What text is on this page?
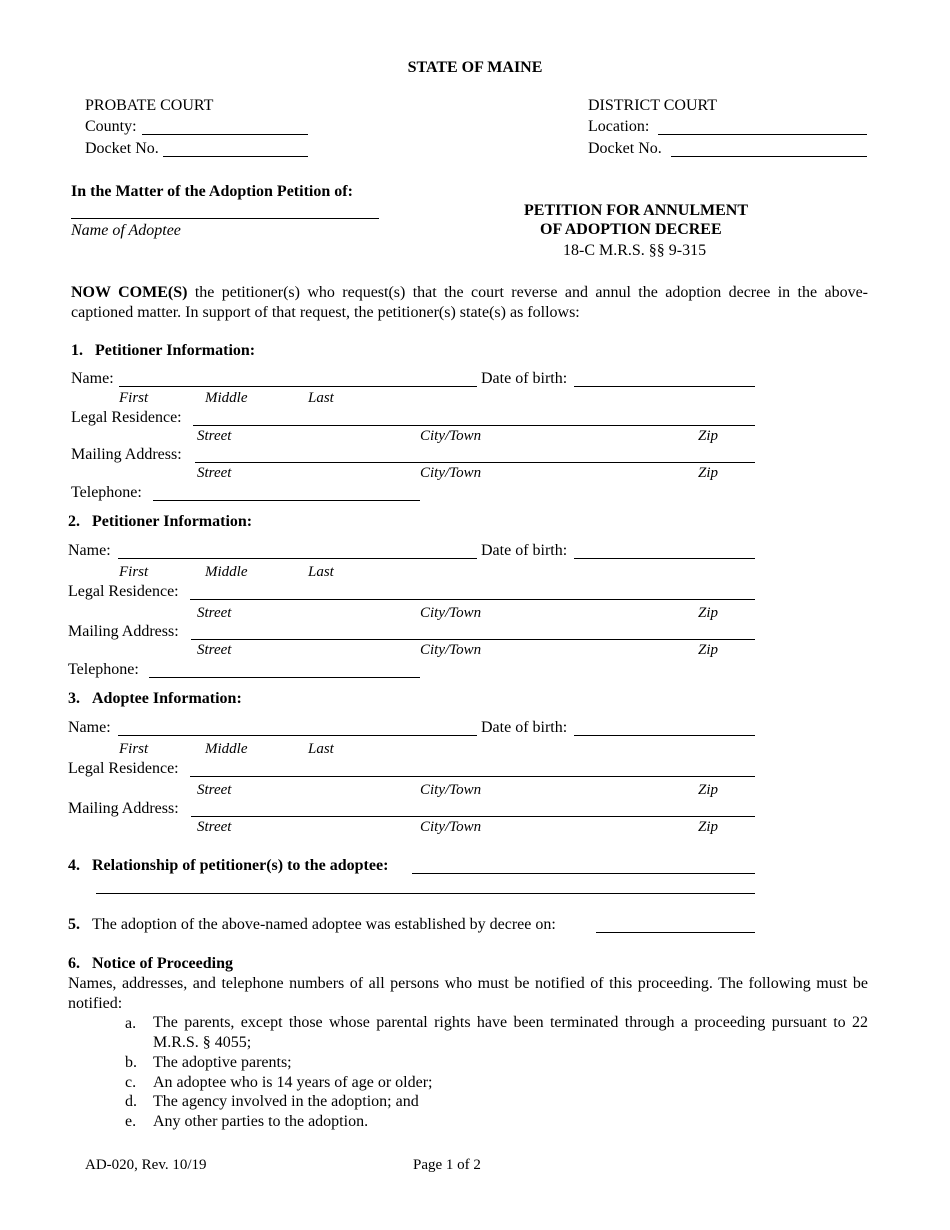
STATE OF MAINE
PROBATE COURT
County:
Docket No.
DISTRICT COURT
Location:
Docket No.
In the Matter of the Adoption Petition of:
Name of Adoptee
PETITION FOR ANNULMENT
OF ADOPTION DECREE
18-C M.R.S. §§ 9-315
NOW COME(S) the petitioner(s) who request(s) that the court reverse and annul the adoption decree in the above-captioned matter. In support of that request, the petitioner(s) state(s) as follows:
1. Petitioner Information:
Name:	Date of birth:
First	Middle	Last
Legal Residence:
Street	City/Town	Zip
Mailing Address:
Street	City/Town	Zip
Telephone:
2. Petitioner Information:
Name:	Date of birth:
First	Middle	Last
Legal Residence:
Street	City/Town	Zip
Mailing Address:
Street	City/Town	Zip
Telephone:
3. Adoptee Information:
Name:	Date of birth:
First	Middle	Last
Legal Residence:
Street	City/Town	Zip
Mailing Address:
Street	City/Town	Zip
4. Relationship of petitioner(s) to the adoptee:
5. The adoption of the above-named adoptee was established by decree on:
6. Notice of Proceeding
Names, addresses, and telephone numbers of all persons who must be notified of this proceeding. The following must be notified:
a. The parents, except those whose parental rights have been terminated through a proceeding pursuant to 22 M.R.S. § 4055;
b. The adoptive parents;
c. An adoptee who is 14 years of age or older;
d. The agency involved in the adoption; and
e. Any other parties to the adoption.
AD-020, Rev. 10/19	Page 1 of 2
